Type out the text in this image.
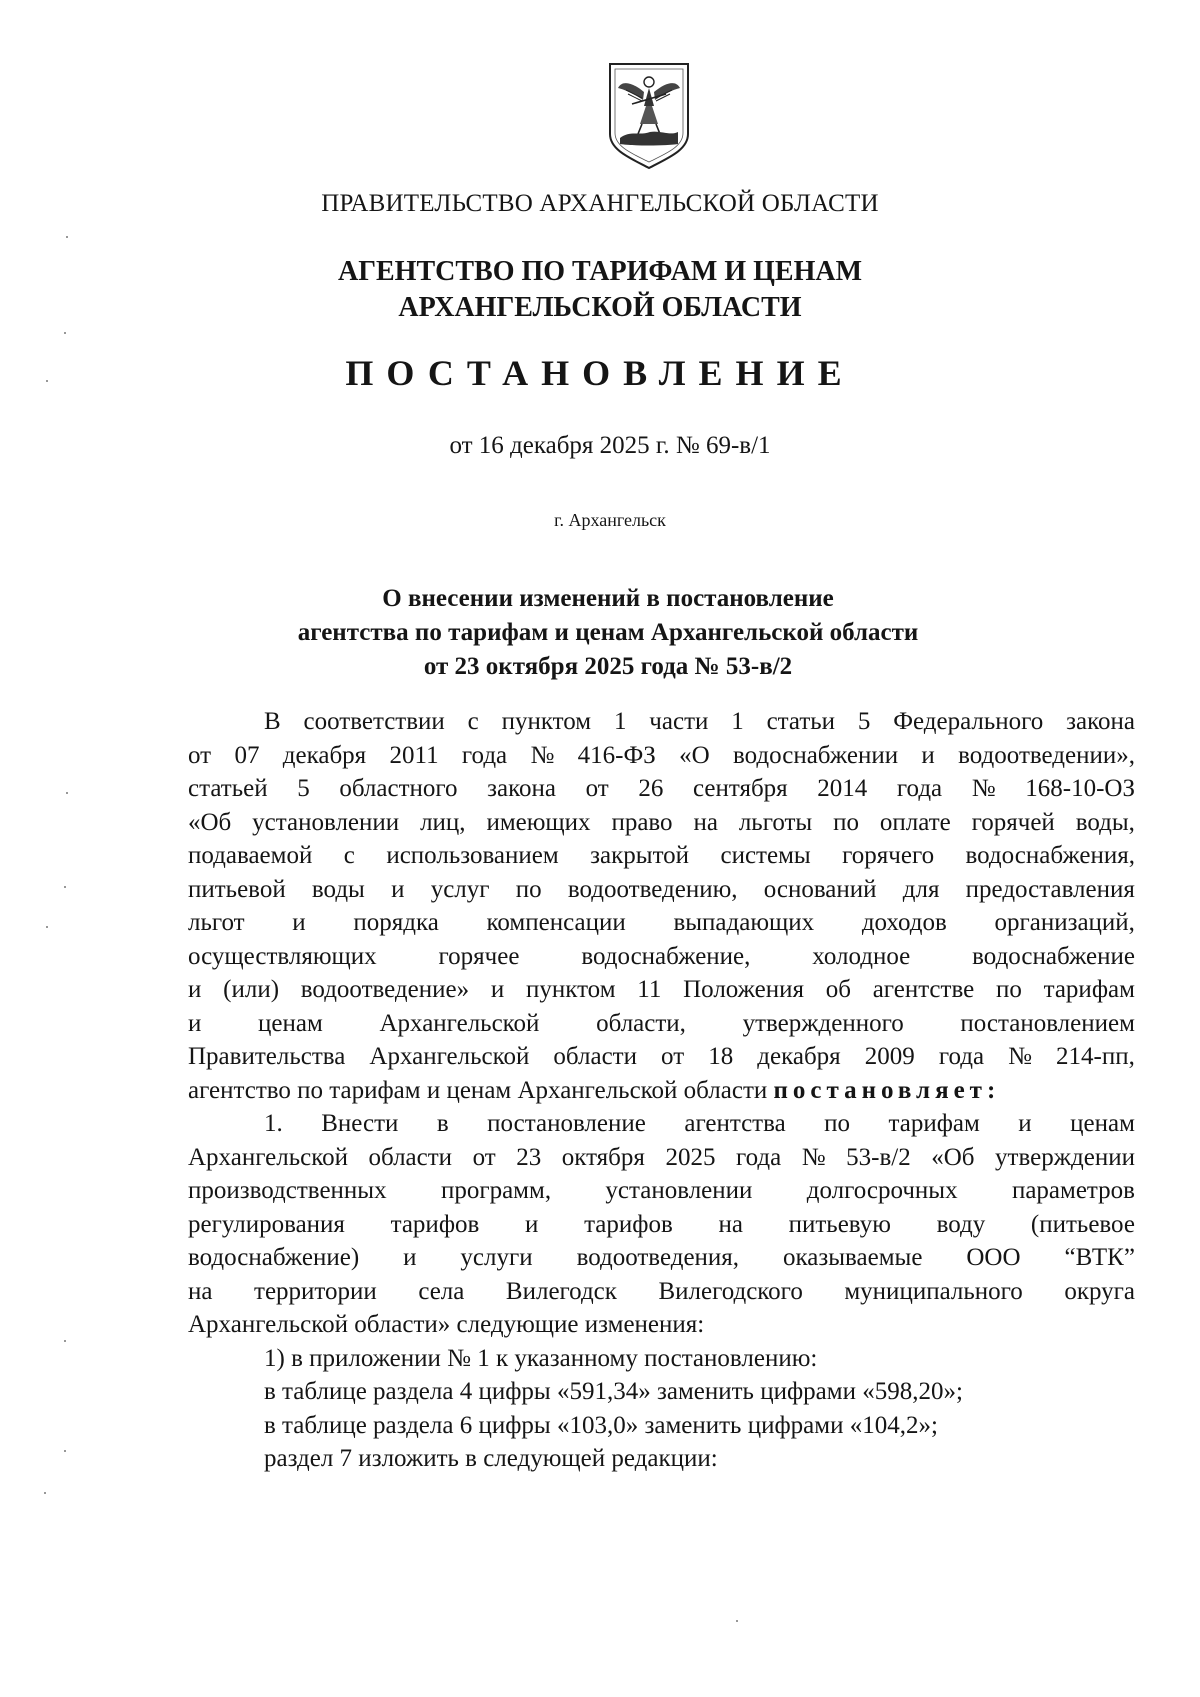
ПРАВИТЕЛЬСТВО АРХАНГЕЛЬСКОЙ ОБЛАСТИ
АГЕНТСТВО ПО ТАРИФАМ И ЦЕНАМ
АРХАНГЕЛЬСКОЙ ОБЛАСТИ
ПОСТАНОВЛЕНИЕ
от 16 декабря 2025 г. № 69-в/1
г. Архангельск
О внесении изменений в постановление
агентства по тарифам и ценам Архангельской области
от 23 октября 2025 года № 53-в/2
В соответствии с пунктом 1 части 1 статьи 5 Федерального закона
от 07 декабря 2011 года № 416-ФЗ «О водоснабжении и водоотведении»,
статьей 5 областного закона от 26 сентября 2014 года № 168-10-ОЗ
«Об установлении лиц, имеющих право на льготы по оплате горячей воды,
подаваемой с использованием закрытой системы горячего водоснабжения,
питьевой воды и услуг по водоотведению, оснований для предоставления
льгот и порядка компенсации выпадающих доходов организаций,
осуществляющих горячее водоснабжение, холодное водоснабжение
и (или) водоотведение» и пунктом 11 Положения об агентстве по тарифам
и ценам Архангельской области, утвержденного постановлением
Правительства Архангельской области от 18 декабря 2009 года № 214-пп,
агентство по тарифам и ценам Архангельской области постановляет:
1. Внести в постановление агентства по тарифам и ценам
Архангельской области от 23 октября 2025 года № 53-в/2 «Об утверждении
производственных программ, установлении долгосрочных параметров
регулирования тарифов и тарифов на питьевую воду (питьевое
водоснабжение) и услуги водоотведения, оказываемые ООО “ВТК”
на территории села Вилегодск Вилегодского муниципального округа
Архангельской области» следующие изменения:
1) в приложении № 1 к указанному постановлению:
в таблице раздела 4 цифры «591,34» заменить цифрами «598,20»;
в таблице раздела 6 цифры «103,0» заменить цифрами «104,2»;
раздел 7 изложить в следующей редакции:
